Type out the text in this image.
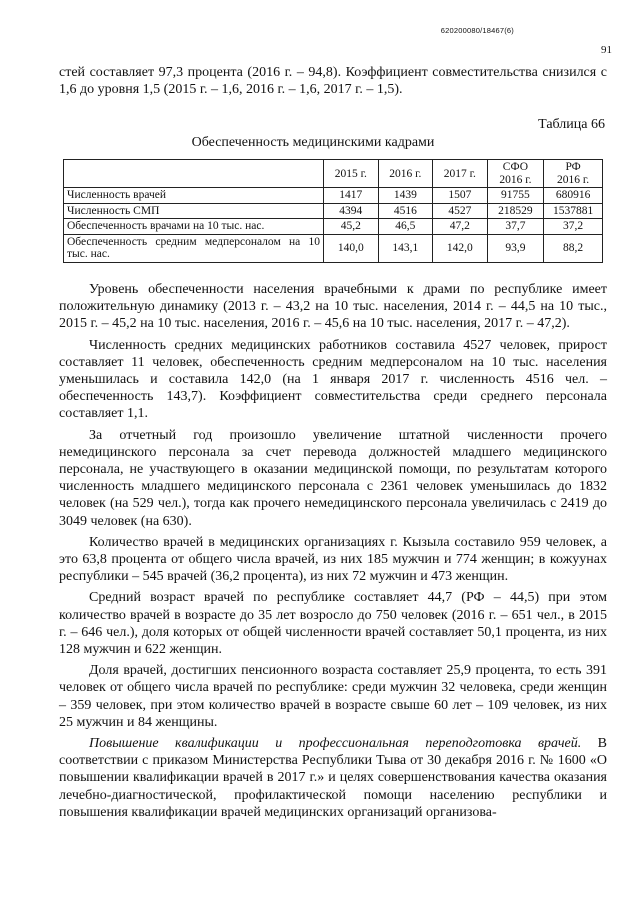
620200080/18467(6)
91

стей составляет 97,3 процента (2016 г. – 94,8). Коэффициент совместительства снизился с 1,6 до уровня 1,5 (2015 г. – 1,6, 2016 г. – 1,6, 2017 г. – 1,5).

Таблица 66
Обеспеченность медицинскими кадрами
	2015 г.	2016 г.	2017 г.	СФО 2016 г.	РФ 2016 г.
Численность врачей	1417	1439	1507	91755	680916
Численность СМП	4394	4516	4527	218529	1537881
Обеспеченность врачами на 10 тыс. нас.	45,2	46,5	47,2	37,7	37,2
Обеспеченность средним медперсоналом на 10 тыс. нас.	140,0	143,1	142,0	93,9	88,2

Уровень обеспеченности населения врачебными к драми по республике имеет положительную динамику (2013 г. – 43,2 на 10 тыс. населения, 2014 г. – 44,5 на 10 тыс., 2015 г. – 45,2 на 10 тыс. населения, 2016 г. – 45,6 на 10 тыс. населения, 2017 г. – 47,2).

Численность средних медицинских работников составила 4527 человек, прирост составляет 11 человек, обеспеченность средним медперсоналом на 10 тыс. населения уменьшилась и составила 142,0 (на 1 января 2017 г. численность 4516 чел. – обеспеченность 143,7). Коэффициент совместительства среди среднего персонала составляет 1,1.

За отчетный год произошло увеличение штатной численности прочего немедицинского персонала за счет перевода должностей младшего медицинского персонала, не участвующего в оказании медицинской помощи, по результатам которого численность младшего медицинского персонала с 2361 человек уменьшилась до 1832 человек (на 529 чел.), тогда как прочего немедицинского персонала увеличилась с 2419 до 3049 человек (на 630).

Количество врачей в медицинских организациях г. Кызыла составило 959 человек, а это 63,8 процента от общего числа врачей, из них 185 мужчин и 774 женщин; в кожуунах республики – 545 врачей (36,2 процента), из них 72 мужчин и 473 женщин.

Средний возраст врачей по республике составляет 44,7 (РФ – 44,5) при этом количество врачей в возрасте до 35 лет возросло до 750 человек (2016 г. – 651 чел., в 2015 г. – 646 чел.), доля которых от общей численности врачей составляет 50,1 процента, из них 128 мужчин и 622 женщин.

Доля врачей, достигших пенсионного возраста составляет 25,9 процента, то есть 391 человек от общего числа врачей по республике: среди мужчин 32 человека, среди женщин – 359 человек, при этом количество врачей в возрасте свыше 60 лет – 109 человек, из них 25 мужчин и 84 женщины.

Повышение квалификации и профессиональная переподготовка врачей. В соответствии с приказом Министерства Республики Тыва от 30 декабря 2016 г. № 1600 «О повышении квалификации врачей в 2017 г.» и целях совершенствования качества оказания лечебно-диагностической, профилактической помощи населению республики и повышения квалификации врачей медицинских организаций организова-
